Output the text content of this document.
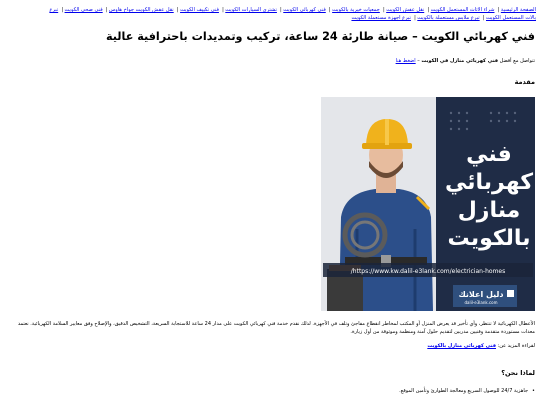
الصفحة الرئيسية| شراء الاثاث المستعمل الكويت| نقل عفش الكويت| جمعيات خيرية بالكويت| فني كهربائي الكويت| تشترى السيارات الكويت| فني تكييف الكويت| نقل عفش الكويت جواخ هاوس| فني صحي الكويت| تبرع
بالات المستعمل الكويت| تبرع ملابس مستعملة بالكويت| تبرع اجهزة مستعملة الكويت
فني كهربائي الكويت – صيانة طارئة 24 ساعة، تركيب وتمديدات باحترافية عالية
تتواصل مع أفضل فني كهربائي منازل في الكويت – اضغط هنا
مقدمة
فني
كهربائي
منازل
بالكويت
https://www.kw.dalil-e3lank.com/electrician-homes/
دليل اعلانك
dalil-e3lank.com

الأعطال الكهربائية لا تنتظر، وأي تأخير قد يعرض المنزل أو المكتب لمخاطر انقطاع مفاجئ وتلف في الأجهزة. لذلك نقدم خدمة فني كهربائي الكويت على مدار 24 ساعة للاستجابة السريعة، التشخيص الدقيق، والإصلاح وفق معايير السلامة الكهربائية. نعتمد معدات مستوردة متقدمة وفنيين مدربين لتقديم حلول آمنة ومنظمة وموثوقة من أول زيارة.

لقراءة المزيد عن: فني كهربائي منازل بالكويت
لماذا نحن؟
• جاهزية 24/7 للوصول السريع ومعالجة الطوارئ وتأمين الموقع.
